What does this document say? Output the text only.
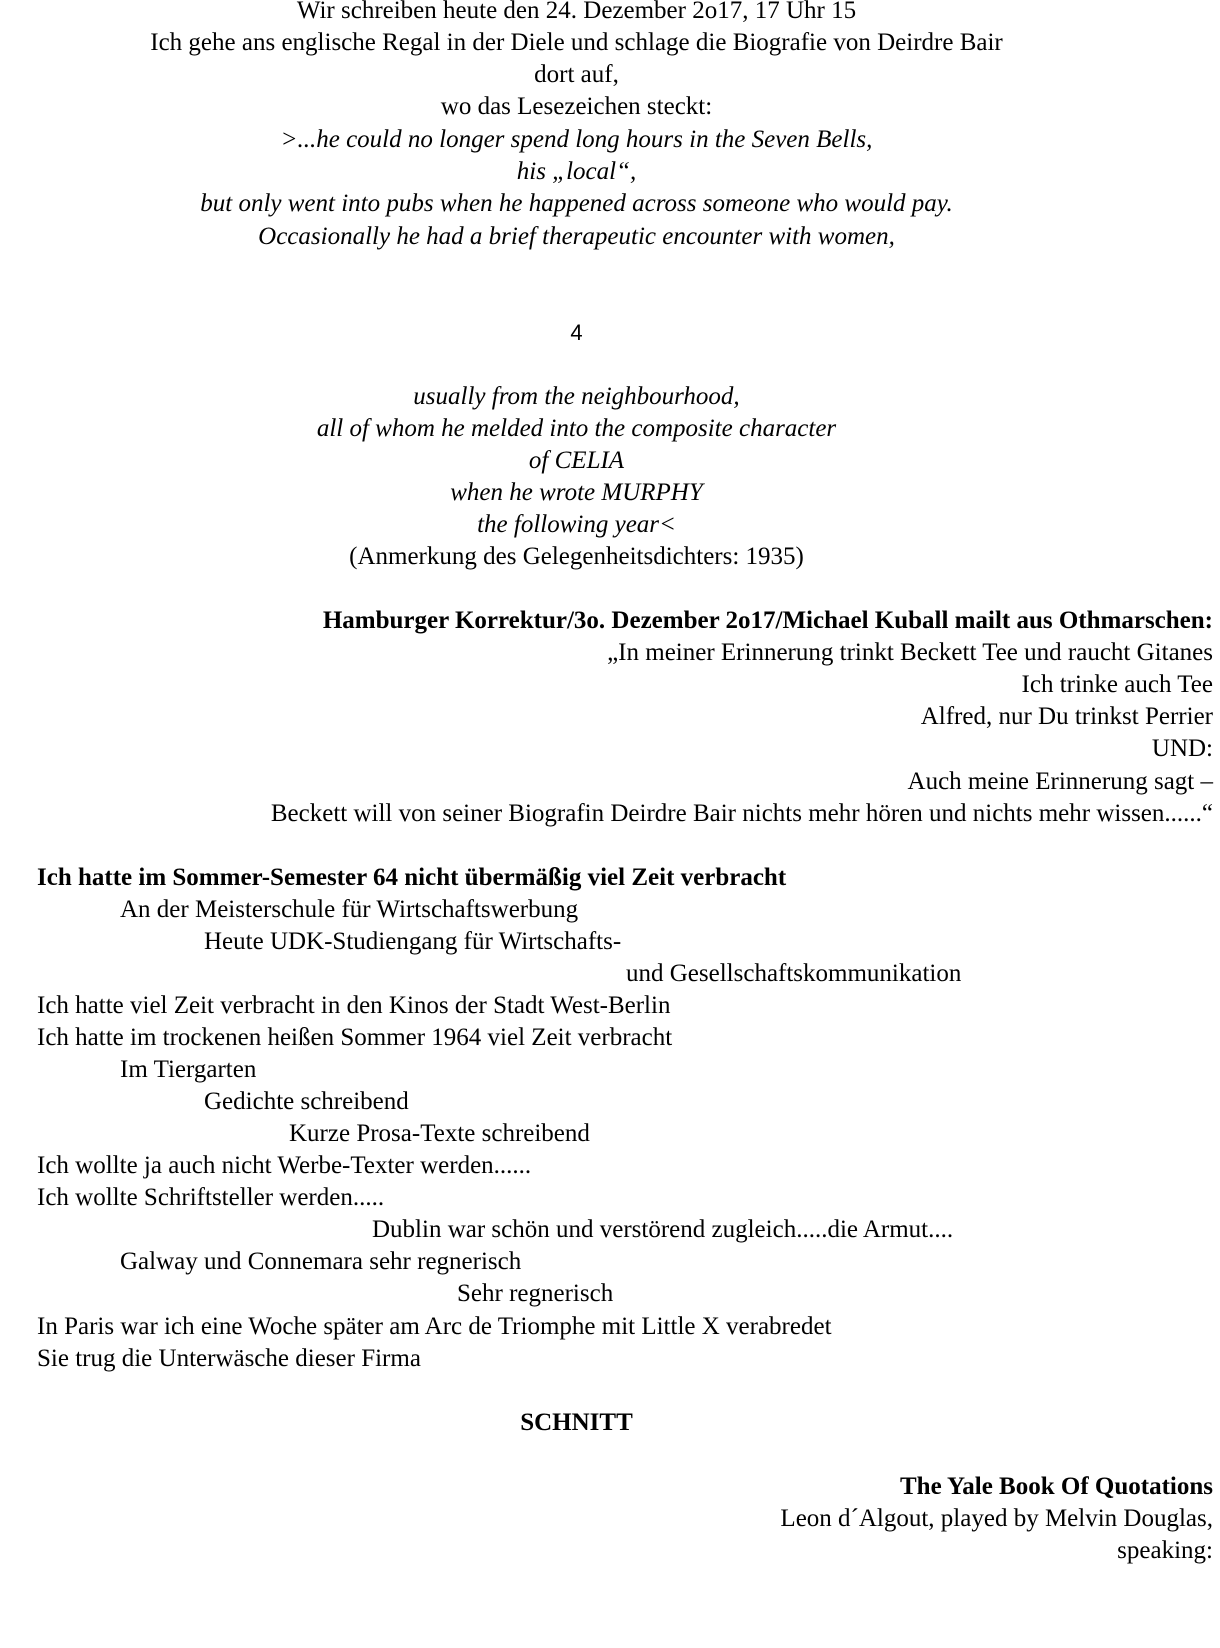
Wir schreiben heute den 24. Dezember 2o17, 17 Uhr 15
Ich gehe ans englische Regal in der Diele und schlage die Biografie von Deirdre Bair
dort auf,
wo das Lesezeichen steckt:
>...he could no longer spend long hours in the Seven Bells,
his „local“,
but only went into pubs when he happened across someone who would pay.
Occasionally he had a brief therapeutic encounter with women,
4
usually from the neighbourhood,
all of whom he melded into the composite character
of CELIA
when he wrote MURPHY
the following year<
(Anmerkung des Gelegenheitsdichters: 1935)
Hamburger Korrektur/3o. Dezember 2o17/Michael Kuball mailt aus Othmarschen:
„In meiner Erinnerung trinkt Beckett Tee und raucht Gitanes
Ich trinke auch Tee
Alfred, nur Du trinkst Perrier
UND:
Auch meine Erinnerung sagt –
Beckett will von seiner Biografin Deirdre Bair nichts mehr hören und nichts mehr wissen......“
Ich hatte im Sommer-Semester 64 nicht übermäßig viel Zeit verbracht
An der Meisterschule für Wirtschaftswerbung
Heute UDK-Studiengang für Wirtschafts-
und Gesellschaftskommunikation
Ich hatte viel Zeit verbracht in den Kinos der Stadt West-Berlin
Ich hatte im trockenen heißen Sommer 1964 viel Zeit verbracht
Im Tiergarten
Gedichte schreibend
Kurze Prosa-Texte schreibend
Ich wollte ja auch nicht Werbe-Texter werden......
Ich wollte Schriftsteller werden.....
Dublin war schön und verstörend zugleich.....die Armut....
Galway und Connemara sehr regnerisch
Sehr regnerisch
In Paris war ich eine Woche später am Arc de Triomphe mit Little X verabredet
Sie trug die Unterwäsche dieser Firma
SCHNITT
The Yale Book Of Quotations
Leon d´Algout, played by Melvin Douglas,
speaking:
